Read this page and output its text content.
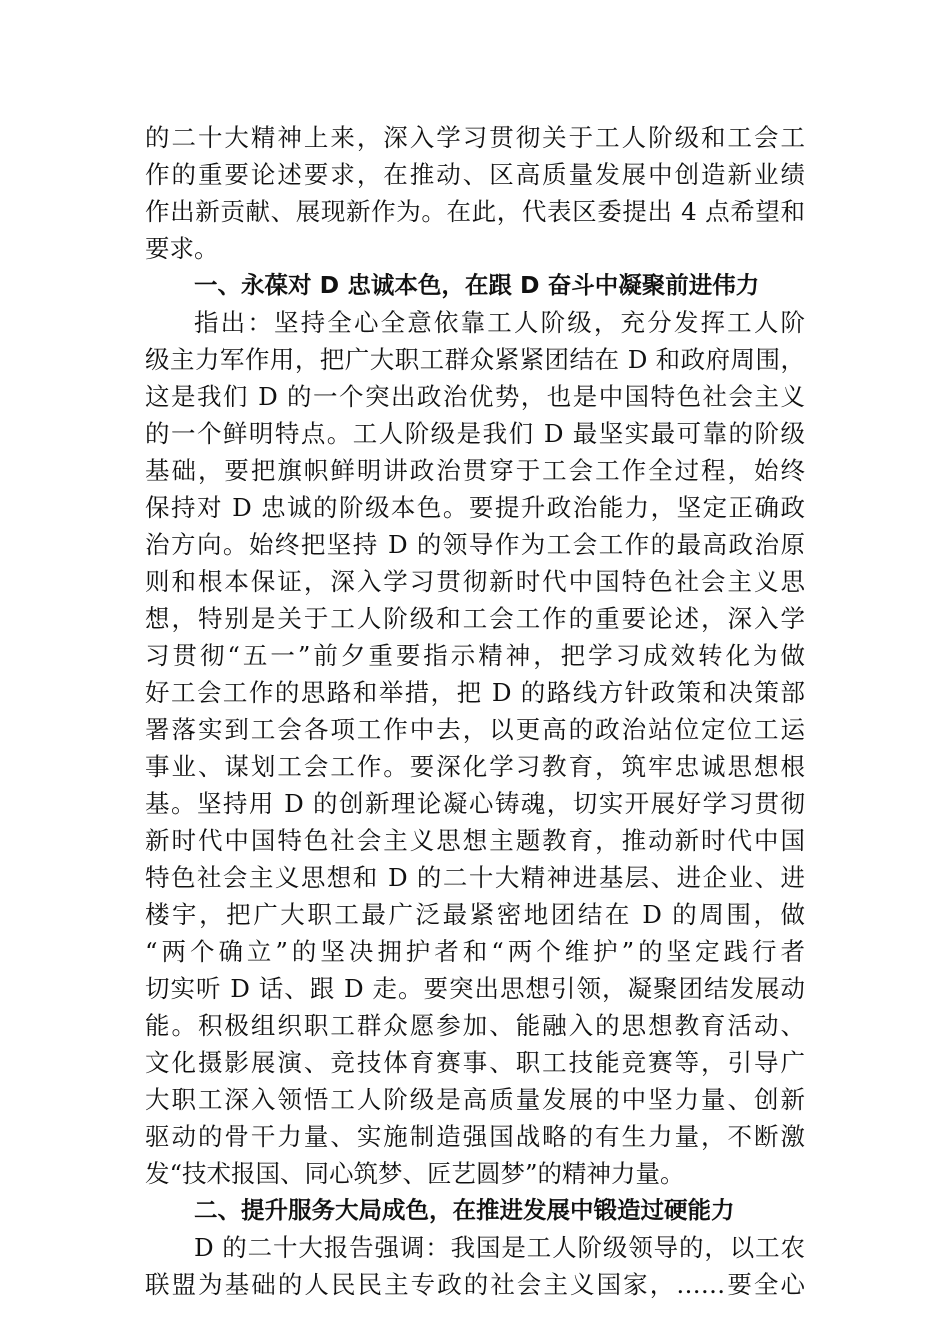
的二十大精神上来，深入学习贯彻关于工人阶级和工会工
作的重要论述要求，在推动、区高质量发展中创造新业绩
作出新贡献、展现新作为。在此，代表区委提出 4 点希望和
要求。
一、永葆对 D 忠诚本色，在跟 D 奋斗中凝聚前进伟力
指出：坚持全心全意依靠工人阶级，充分发挥工人阶
级主力军作用，把广大职工群众紧紧团结在 D 和政府周围，
这是我们 D 的一个突出政治优势，也是中国特色社会主义
的一个鲜明特点。工人阶级是我们 D 最坚实最可靠的阶级
基础，要把旗帜鲜明讲政治贯穿于工会工作全过程，始终
保持对 D 忠诚的阶级本色。要提升政治能力，坚定正确政
治方向。始终把坚持 D 的领导作为工会工作的最高政治原
则和根本保证，深入学习贯彻新时代中国特色社会主义思
想，特别是关于工人阶级和工会工作的重要论述，深入学
习贯彻“五一”前夕重要指示精神，把学习成效转化为做
好工会工作的思路和举措，把 D 的路线方针政策和决策部
署落实到工会各项工作中去，以更高的政治站位定位工运
事业、谋划工会工作。要深化学习教育，筑牢忠诚思想根
基。坚持用 D 的创新理论凝心铸魂，切实开展好学习贯彻
新时代中国特色社会主义思想主题教育，推动新时代中国
特色社会主义思想和 D 的二十大精神进基层、进企业、进
楼宇，把广大职工最广泛最紧密地团结在 D 的周围，做
“两个确立”的坚决拥护者和“两个维护”的坚定践行者
切实听 D 话、跟 D 走。要突出思想引领，凝聚团结发展动
能。积极组织职工群众愿参加、能融入的思想教育活动、
文化摄影展演、竞技体育赛事、职工技能竞赛等，引导广
大职工深入领悟工人阶级是高质量发展的中坚力量、创新
驱动的骨干力量、实施制造强国战略的有生力量，不断激
发“技术报国、同心筑梦、匠艺圆梦”的精神力量。
二、提升服务大局成色，在推进发展中锻造过硬能力
D 的二十大报告强调：我国是工人阶级领导的，以工农
联盟为基础的人民民主专政的社会主义国家，……要全心
